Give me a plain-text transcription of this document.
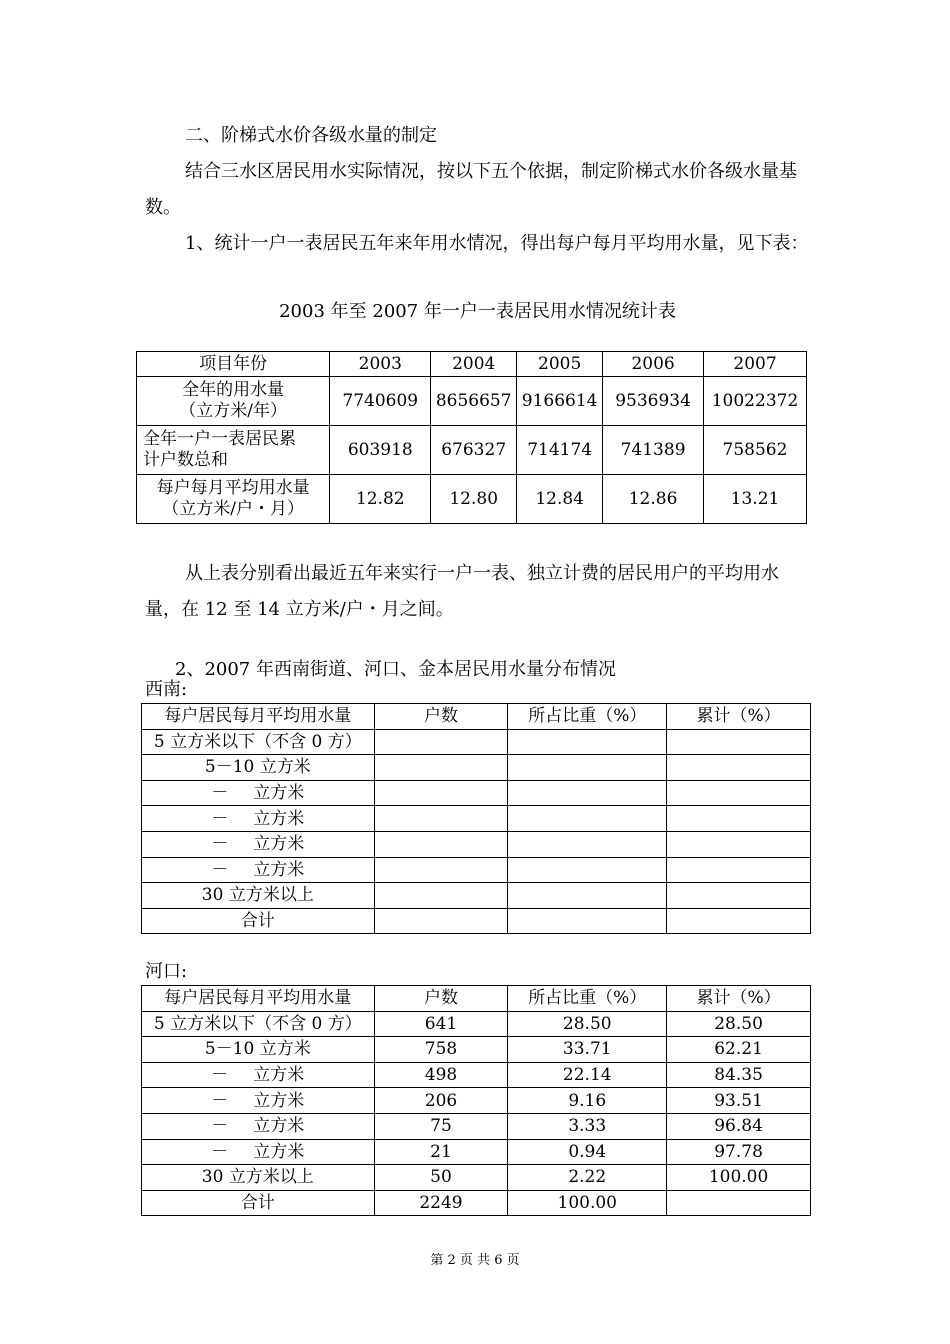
二、阶梯式水价各级水量的制定
结合三水区居民用水实际情况，按以下五个依据，制定阶梯式水价各级水量基数。
1、统计一户一表居民五年来年用水情况，得出每户每月平均用水量，见下表：
2003 年至 2007 年一户一表居民用水情况统计表
项目年份	2003	2004	2005	2006	2007
全年的用水量
（立方米/年）	7740609	8656657	9166614	9536934	10022372
全年一户一表居民累
计户数总和	603918	676327	714174	741389	758562
每户每月平均用水量
（立方米/户・月）	12.82	12.80	12.84	12.86	13.21
从上表分别看出最近五年来实行一户一表、独立计费的居民用户的平均用水量，在 12 至 14 立方米/户・月之间。
2、2007 年西南街道、河口、金本居民用水量分布情况
西南:
每户居民每月平均用水量	户数	所占比重（%）	累计（%）
5 立方米以下（不含 0 方）			
5－10 立方米			
－ 立方米			
－ 立方米			
－ 立方米			
－ 立方米			
30 立方米以上			
合计			
河口:
每户居民每月平均用水量	户数	所占比重（%）	累计（%）
5 立方米以下（不含 0 方）	641	28.50	28.50
5－10 立方米	758	33.71	62.21
－ 立方米	498	22.14	84.35
－ 立方米	206	9.16	93.51
－ 立方米	75	3.33	96.84
－ 立方米	21	0.94	97.78
30 立方米以上	50	2.22	100.00
合计	2249	100.00	
第 2 页 共 6 页
